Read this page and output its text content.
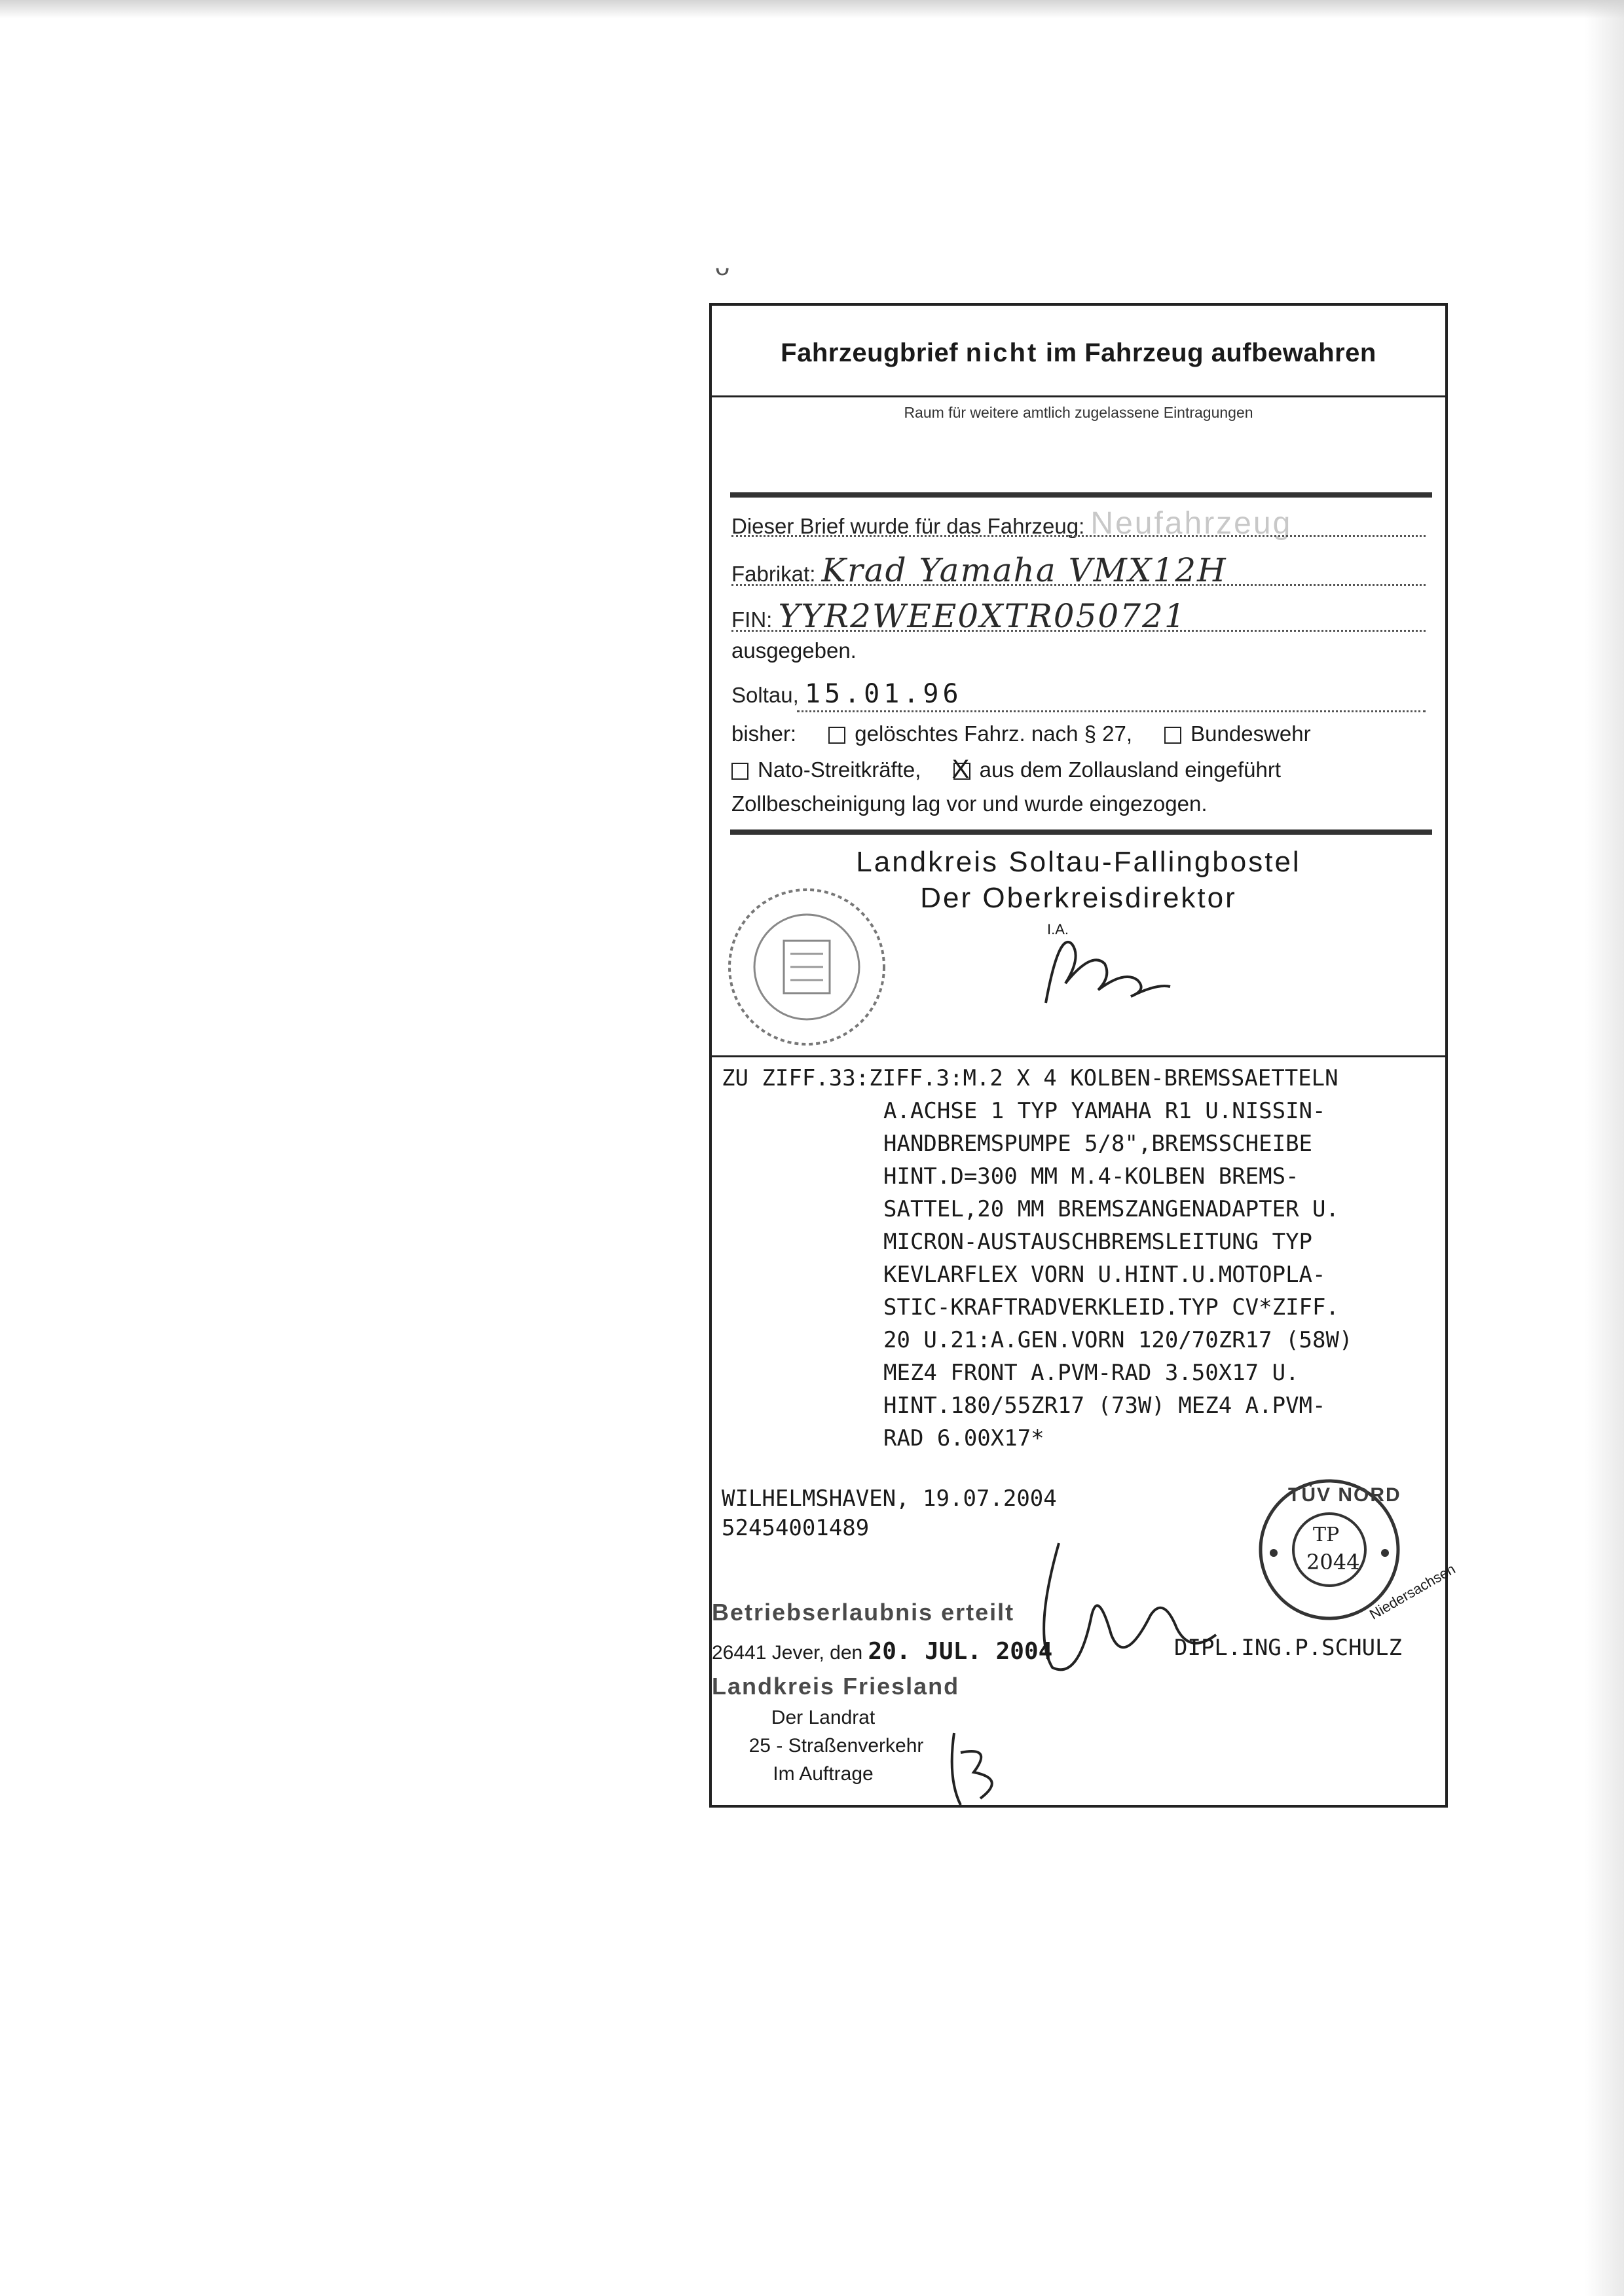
ᴗ
Fahrzeugbrief nicht im Fahrzeug aufbewahren
Raum für weitere amtlich zugelassene Eintragungen
Dieser Brief wurde für das Fahrzeug: Neufahrzeug
Fabrikat: Krad Yamaha VMX12H
FIN: YYR2WEE0XTR050721
ausgegeben.
Soltau, 15.01.96
bisher:	gelöschtes Fahrz. nach § 27,	Bundeswehr
Nato-Streitkräfte, X aus dem Zollausland eingeführt
Zollbescheinigung lag vor und wurde eingezogen.
Landkreis Soltau-Fallingbostel
Der Oberkreisdirektor
I.A.
ZU ZIFF.33:ZIFF.3:M.2 X 4 KOLBEN-BREMSSAETTELN
A.ACHSE 1 TYP YAMAHA R1 U.NISSIN-
HANDBREMSPUMPE 5/8",BREMSSCHEIBE
HINT.D=300 MM M.4-KOLBEN BREMS-
SATTEL,20 MM BREMSZANGENADAPTER U.
MICRON-AUSTAUSCHBREMSLEITUNG TYP
KEVLARFLEX VORN U.HINT.U.MOTOPLA-
STIC-KRAFTRADVERKLEID.TYP CV*ZIFF.
20 U.21:A.GEN.VORN 120/70ZR17 (58W)
MEZ4 FRONT A.PVM-RAD 3.50X17 U.
HINT.180/55ZR17 (73W) MEZ4 A.PVM-
RAD 6.00X17*
WILHELMSHAVEN, 19.07.2004
52454001489
TÜV NORD
TP
2044 Niedersachsen
Betriebserlaubnis erteilt
26441 Jever, den 20. JUL. 2004	DIPL.ING.P.SCHULZ
Landkreis Friesland
Der Landrat
25 - Straßenverkehr
Im Auftrage
